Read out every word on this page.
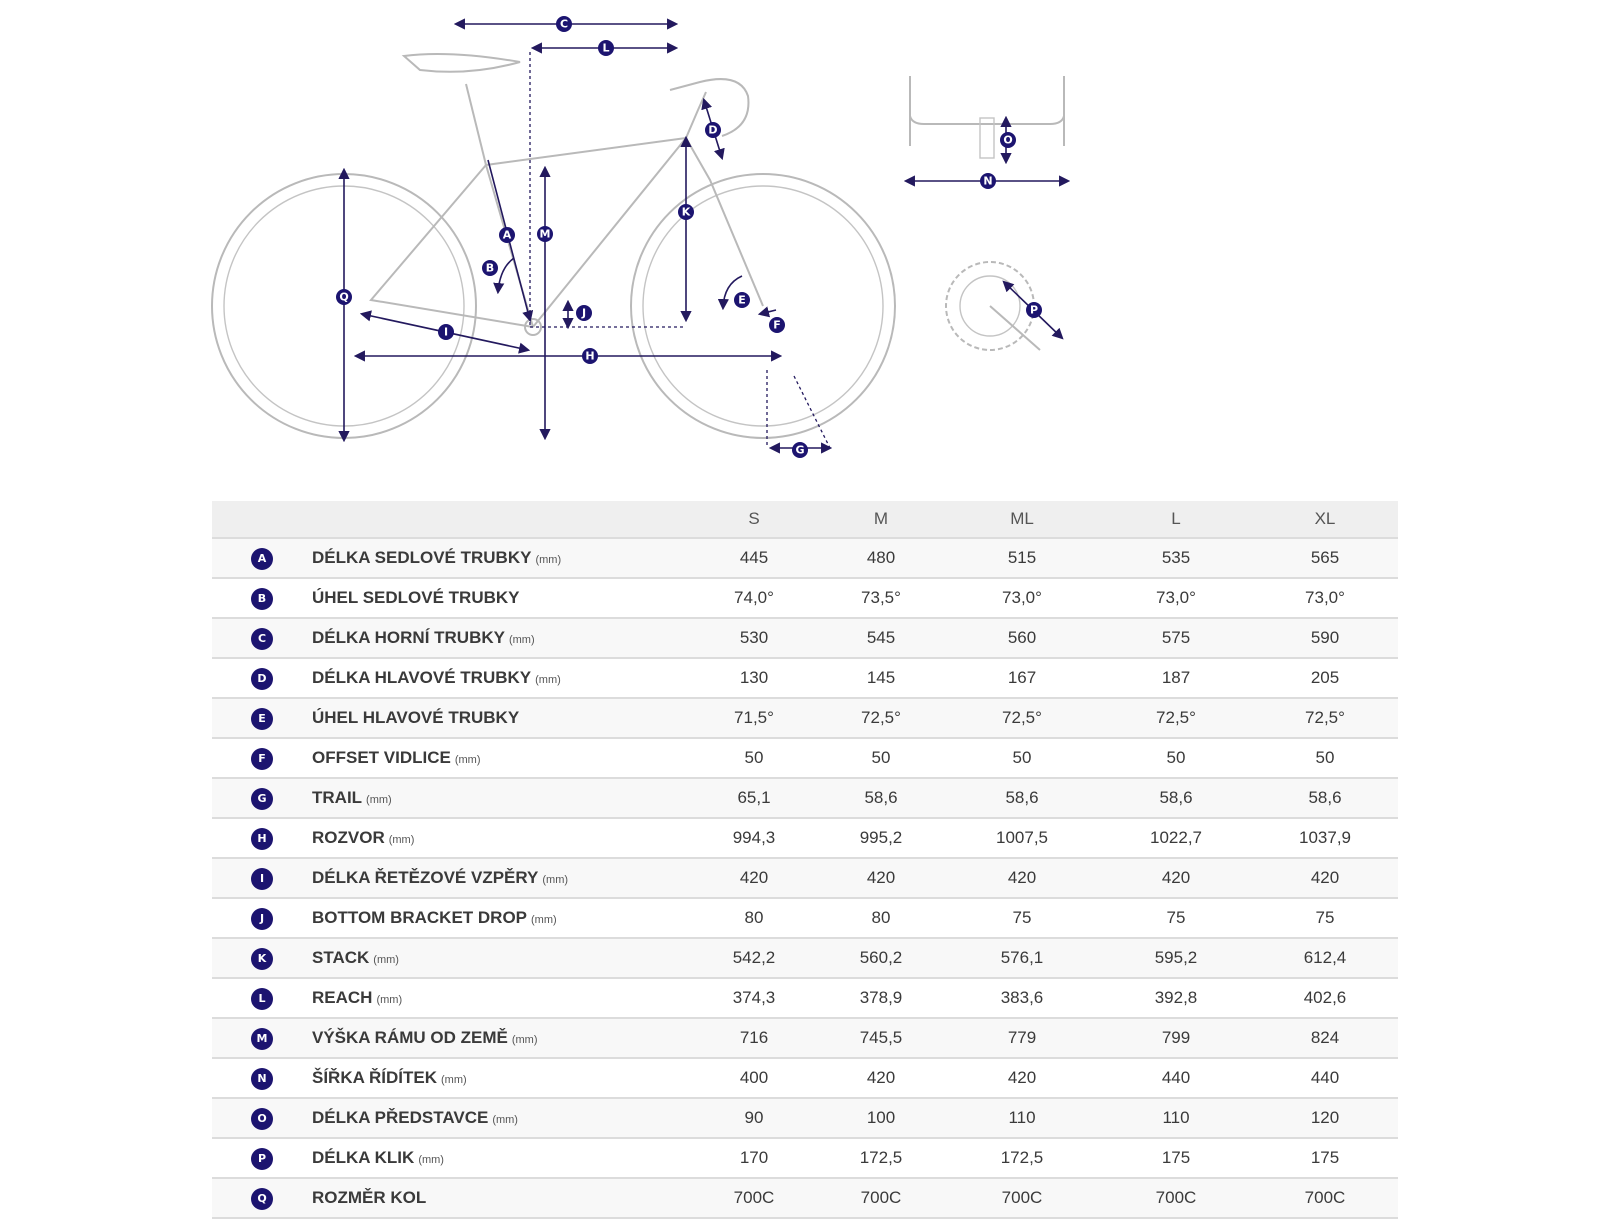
C
L
D
K
M
A
B
Q
J
E
F
I
H
G
O
N
P
		S	M	ML	L	XL
A	DÉLKA SEDLOVÉ TRUBKY (mm)	445	480	515	535	565
B	ÚHEL SEDLOVÉ TRUBKY	74,0°	73,5°	73,0°	73,0°	73,0°
C	DÉLKA HORNÍ TRUBKY (mm)	530	545	560	575	590
D	DÉLKA HLAVOVÉ TRUBKY (mm)	130	145	167	187	205
E	ÚHEL HLAVOVÉ TRUBKY	71,5°	72,5°	72,5°	72,5°	72,5°
F	OFFSET VIDLICE (mm)	50	50	50	50	50
G	TRAIL (mm)	65,1	58,6	58,6	58,6	58,6
H	ROZVOR (mm)	994,3	995,2	1007,5	1022,7	1037,9
I	DÉLKA ŘETĚZOVÉ VZPĚRY (mm)	420	420	420	420	420
J	BOTTOM BRACKET DROP (mm)	80	80	75	75	75
K	STACK (mm)	542,2	560,2	576,1	595,2	612,4
L	REACH (mm)	374,3	378,9	383,6	392,8	402,6
M	VÝŠKA RÁMU OD ZEMĚ (mm)	716	745,5	779	799	824
N	ŠÍŘKA ŘÍDÍTEK (mm)	400	420	420	440	440
O	DÉLKA PŘEDSTAVCE (mm)	90	100	110	110	120
P	DÉLKA KLIK (mm)	170	172,5	172,5	175	175
Q	ROZMĚR KOL	700C	700C	700C	700C	700C
